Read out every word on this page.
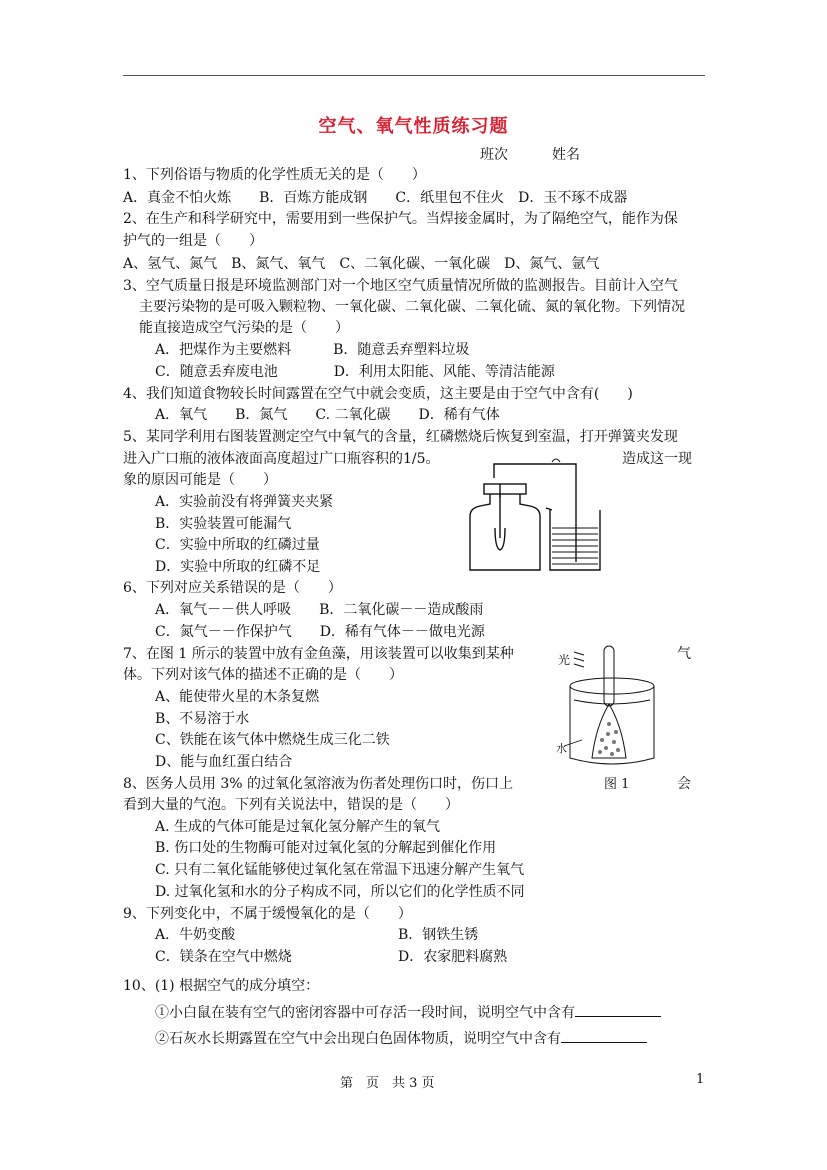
空气、氧气性质练习题
班次	姓名
1、下列俗语与物质的化学性质无关的是（　　）
A．真金不怕火炼　　B．百炼方能成钢　　C．纸里包不住火　D．玉不琢不成器
2、在生产和科学研究中，需要用到一些保护气。当焊接金属时，为了隔绝空气，能作为保
护气的一组是（　　）
A、氢气、氮气　B、氮气、氧气　C、二氧化碳、一氧化碳　D、氮气、氩气
3、空气质量日报是环境监测部门对一个地区空气质量情况所做的监测报告。目前计入空气
主要污染物的是可吸入颗粒物、一氧化碳、二氧化碳、二氧化硫、氮的氧化物。下列情况
能直接造成空气污染的是（　　）
A．把煤作为主要燃料　　　B．随意丢弃塑料垃圾
C．随意丢弃废电池　　　　D．利用太阳能、风能、等清洁能源
4、我们知道食物较长时间露置在空气中就会变质，这主要是由于空气中含有(　　)
A．氧气　　B．氮气　　C. 二氧化碳　　D．稀有气体
5、某同学利用右图装置测定空气中氧气的含量，红磷燃烧后恢复到室温，打开弹簧夹发现
进入广口瓶的液体液面高度超过广口瓶容积的1/5。	造成这一现
象的原因可能是（　　）
A．实验前没有将弹簧夹夹紧
B．实验装置可能漏气
C．实验中所取的红磷过量
D．实验中所取的红磷不足
6、下列对应关系错误的是（　　）
A．氧气－－供人呼吸　　B．二氧化碳－－造成酸雨
C．氮气－－作保护气　　D．稀有气体－－做电光源
7、在图 1 所示的装置中放有金鱼藻，用该装置可以收集到某种	气
体。下列对该气体的描述不正确的是（　　）
A、能使带火星的木条复燃
B、不易溶于水
C、铁能在该气体中燃烧生成三化二铁
D、能与血红蛋白结合
8、医务人员用 3% 的过氧化氢溶液为伤者处理伤口时，伤口上	会
看到大量的气泡。下列有关说法中，错误的是（　　）
A. 生成的气体可能是过氧化氢分解产生的氧气
B. 伤口处的生物酶可能对过氧化氢的分解起到催化作用
C. 只有二氧化锰能够使过氧化氢在常温下迅速分解产生氧气
D. 过氧化氢和水的分子构成不同，所以它们的化学性质不同
9、下列变化中，不属于缓慢氧化的是（　　）
A．牛奶变酸	B．钢铁生锈
C．镁条在空气中燃烧	D．农家肥料腐熟
10、(1) 根据空气的成分填空：
①小白鼠在装有空气的密闭容器中可存活一段时间，说明空气中含有
②石灰水长期露置在空气中会出现白色固体物质，说明空气中含有
光
水
图 1
第　页　共 3 页	1
